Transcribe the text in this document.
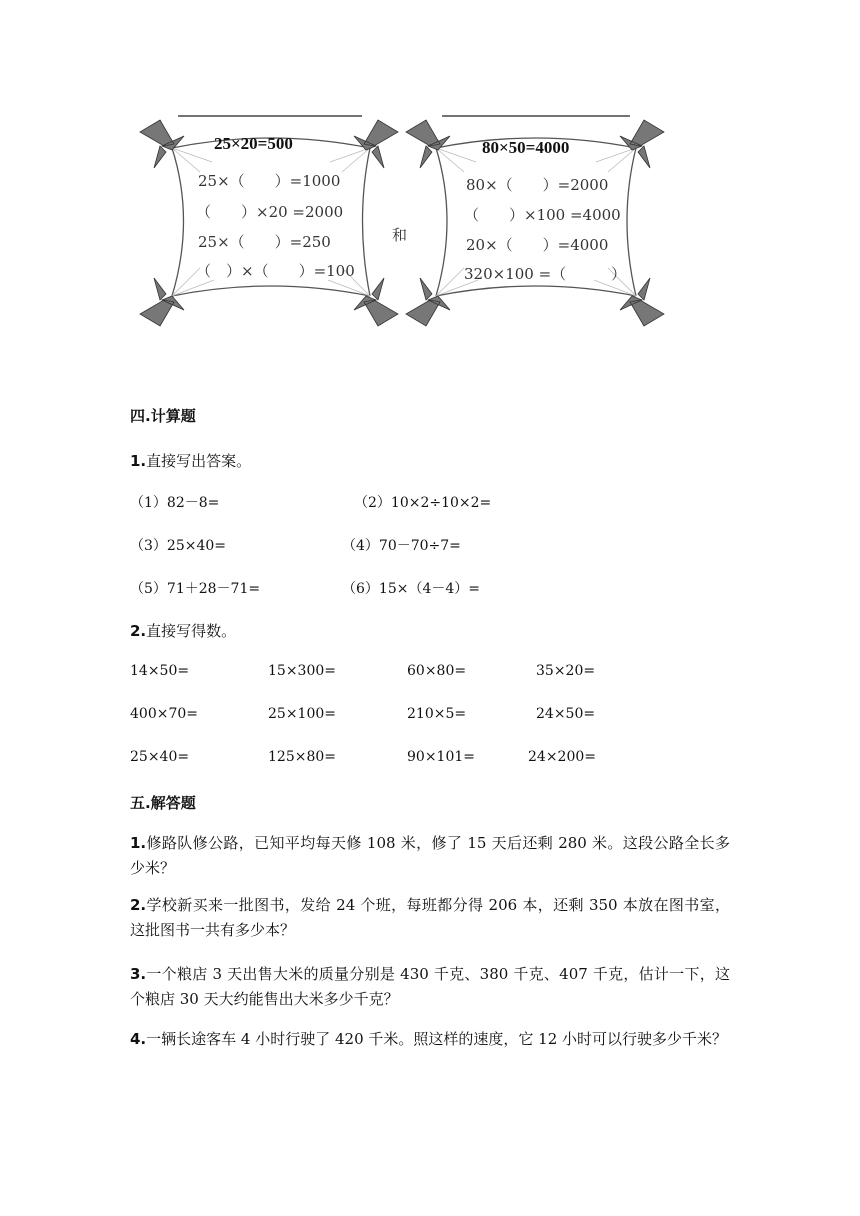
25×20=500
25×（　　）=1000
（　　）×20 =2000
25×（　　）=250
（　）×（　　）=100
和
80×50=4000
80×（　　）=2000
（　　）×100 =4000
20×（　　）=4000
320×100 =（　　　）
四.计算题
1.直接写出答案。
（1）82－8=	（2）10×2÷10×2=
（3）25×40=	（4）70－70÷7=
（5）71＋28－71=	（6）15×（4－4）=
2.直接写得数。
14×50=	15×300=	60×80=	35×20=
400×70=	25×100=	210×5=	24×50=
25×40=	125×80=	90×101=	24×200=
五.解答题
1.修路队修公路，已知平均每天修 108 米，修了 15 天后还剩 280 米。这段公路全长多少米？
2.学校新买来一批图书，发给 24 个班，每班都分得 206 本，还剩 350 本放在图书室，这批图书一共有多少本？
3.一个粮店 3 天出售大米的质量分别是 430 千克、380 千克、407 千克，估计一下，这个粮店 30 天大约能售出大米多少千克？
4.一辆长途客车 4 小时行驶了 420 千米。照这样的速度，它 12 小时可以行驶多少千米？
